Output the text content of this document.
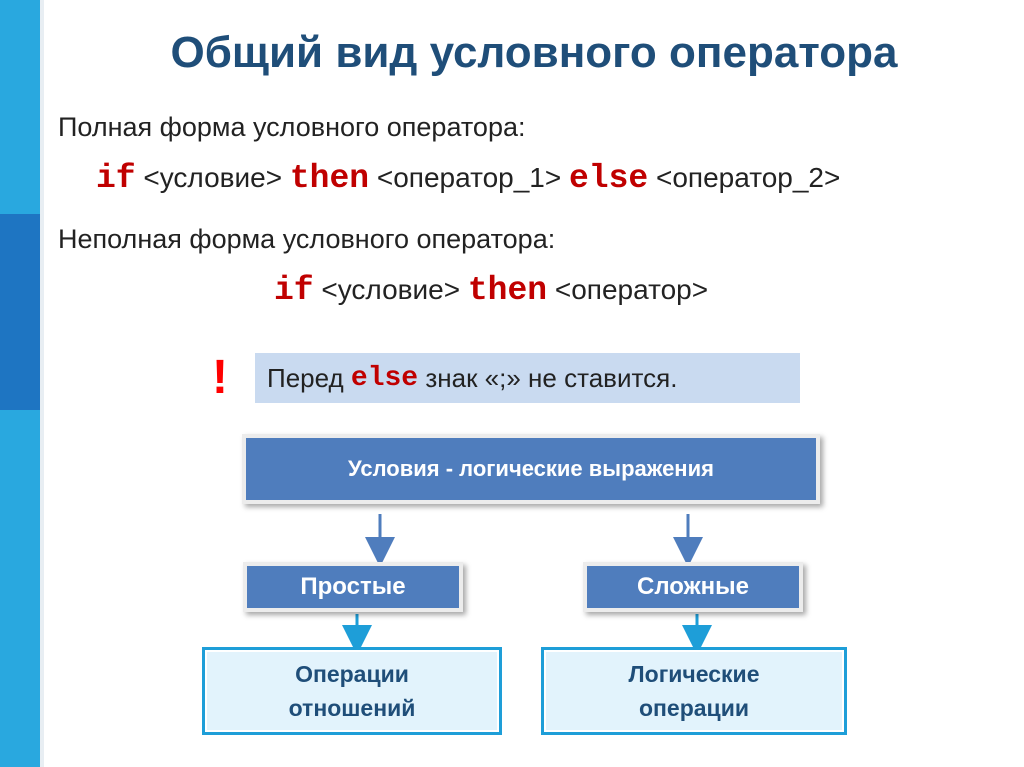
Общий вид условного оператора
Полная форма условного оператора:
if <условие> then <оператор_1> else <оператор_2>
Неполная форма условного оператора:
if <условие> then <оператор>
! Перед else знак «;» не ставится.
Условия - логические выражения
Простые	Сложные
Операции
отношений
Логические
операции
